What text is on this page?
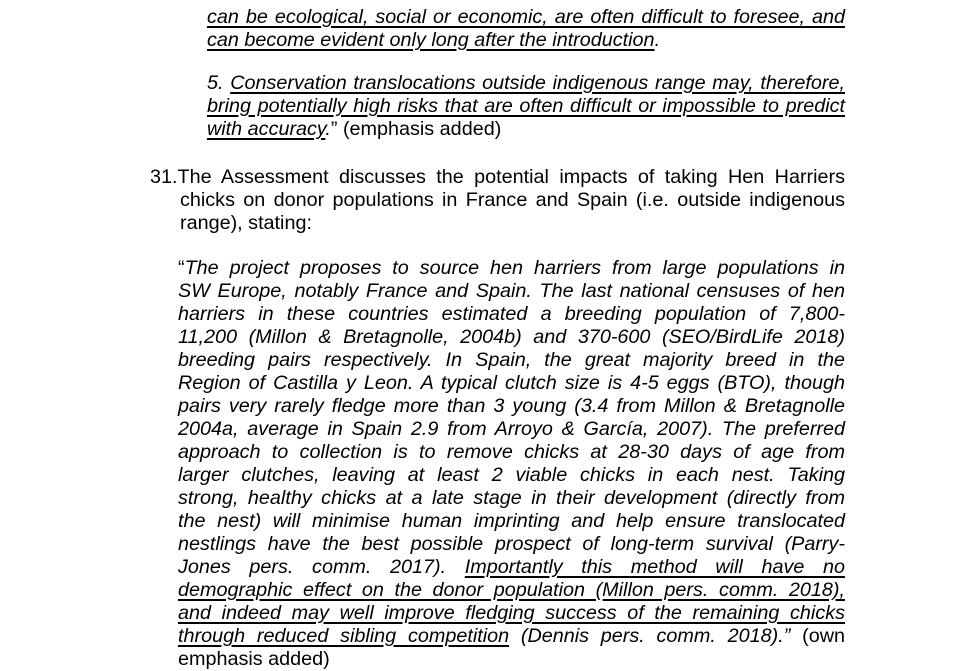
can be ecological, social or economic, are often difficult to foresee, and
can become evident only long after the introduction.
5. Conservation translocations outside indigenous range may, therefore,
bring potentially high risks that are often difficult or impossible to predict
with accuracy.” (emphasis added)
31.The Assessment discusses the potential impacts of taking Hen Harriers
chicks on donor populations in France and Spain (i.e. outside indigenous
range), stating:
“The project proposes to source hen harriers from large populations in
SW Europe, notably France and Spain. The last national censuses of hen
harriers in these countries estimated a breeding population of 7,800-
11,200 (Millon & Bretagnolle, 2004b) and 370-600 (SEO/BirdLife 2018)
breeding pairs respectively. In Spain, the great majority breed in the
Region of Castilla y Leon. A typical clutch size is 4-5 eggs (BTO), though
pairs very rarely fledge more than 3 young (3.4 from Millon & Bretagnolle
2004a, average in Spain 2.9 from Arroyo & García, 2007). The preferred
approach to collection is to remove chicks at 28-30 days of age from
larger clutches, leaving at least 2 viable chicks in each nest. Taking
strong, healthy chicks at a late stage in their development (directly from
the nest) will minimise human imprinting and help ensure translocated
nestlings have the best possible prospect of long-term survival (Parry-
Jones pers. comm. 2017). Importantly this method will have no
demographic effect on the donor population (Millon pers. comm. 2018),
and indeed may well improve fledging success of the remaining chicks
through reduced sibling competition (Dennis pers. comm. 2018).” (own
emphasis added)
